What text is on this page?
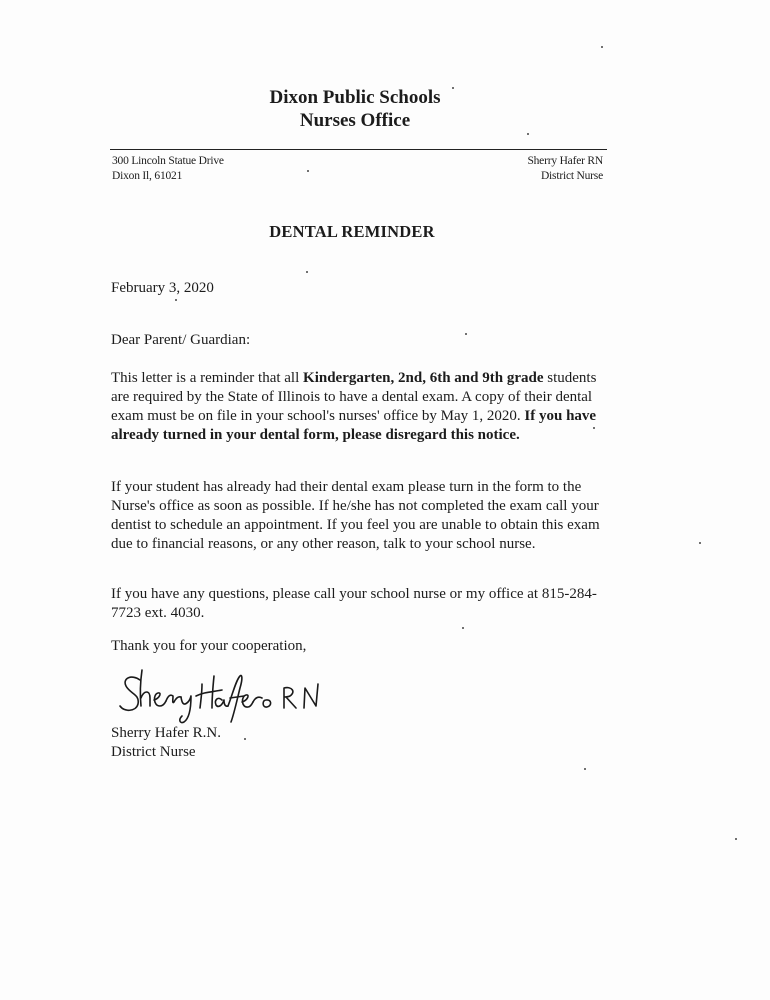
Dixon Public Schools
Nurses Office
300 Lincoln Statue Drive
Dixon Il, 61021
Sherry Hafer RN
District Nurse
DENTAL REMINDER

February 3, 2020

Dear Parent/ Guardian:

This letter is a reminder that all Kindergarten, 2nd, 6th and 9th grade students are required by the State of Illinois to have a dental exam. A copy of their dental exam must be on file in your school's nurses' office by May 1, 2020. If you have already turned in your dental form, please disregard this notice.

If your student has already had their dental exam please turn in the form to the Nurse's office as soon as possible. If he/she has not completed the exam call your dentist to schedule an appointment. If you feel you are unable to obtain this exam due to financial reasons, or any other reason, talk to your school nurse.

If you have any questions, please call your school nurse or my office at 815-284-7723 ext. 4030.

Thank you for your cooperation,

Sherry Hafer R.N.
District Nurse
